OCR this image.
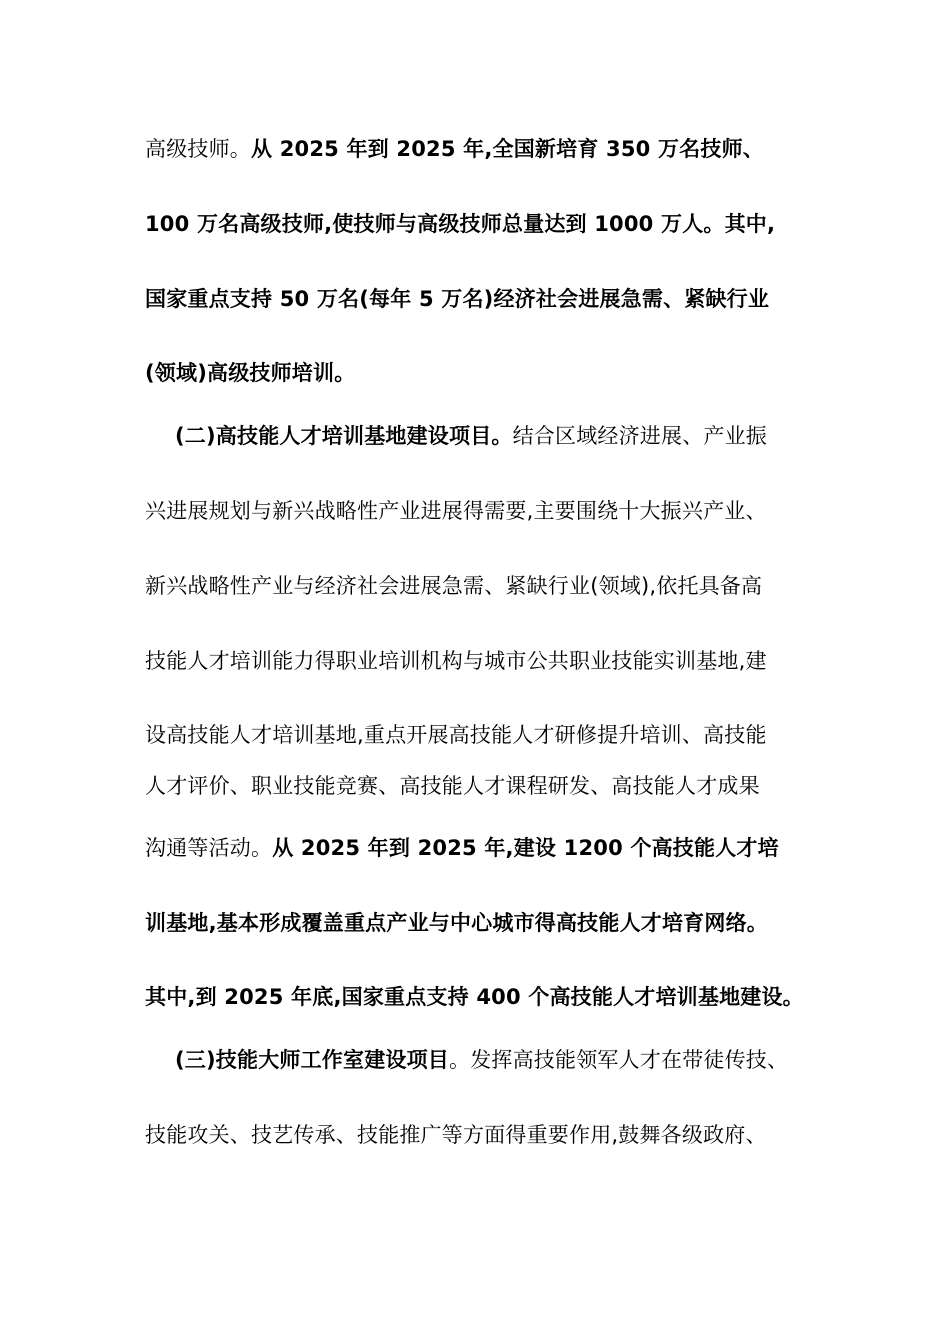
高级技师。从 2025 年到 2025 年,全国新培育 350 万名技师、
100 万名高级技师,使技师与高级技师总量达到 1000 万人。其中,
国家重点支持 50 万名(每年 5 万名)经济社会进展急需、紧缺行业
(领域)高级技师培训。
(二)高技能人才培训基地建设项目。结合区域经济进展、产业振
兴进展规划与新兴战略性产业进展得需要,主要围绕十大振兴产业、
新兴战略性产业与经济社会进展急需、紧缺行业(领域),依托具备高
技能人才培训能力得职业培训机构与城市公共职业技能实训基地,建
设高技能人才培训基地,重点开展高技能人才研修提升培训、高技能
人才评价、职业技能竞赛、高技能人才课程研发、高技能人才成果
沟通等活动。从 2025 年到 2025 年,建设 1200 个高技能人才培
训基地,基本形成覆盖重点产业与中心城市得高技能人才培育网络。
其中,到 2025 年底,国家重点支持 400 个高技能人才培训基地建设。
(三)技能大师工作室建设项目。发挥高技能领军人才在带徒传技、
技能攻关、技艺传承、技能推广等方面得重要作用,鼓舞各级政府、
